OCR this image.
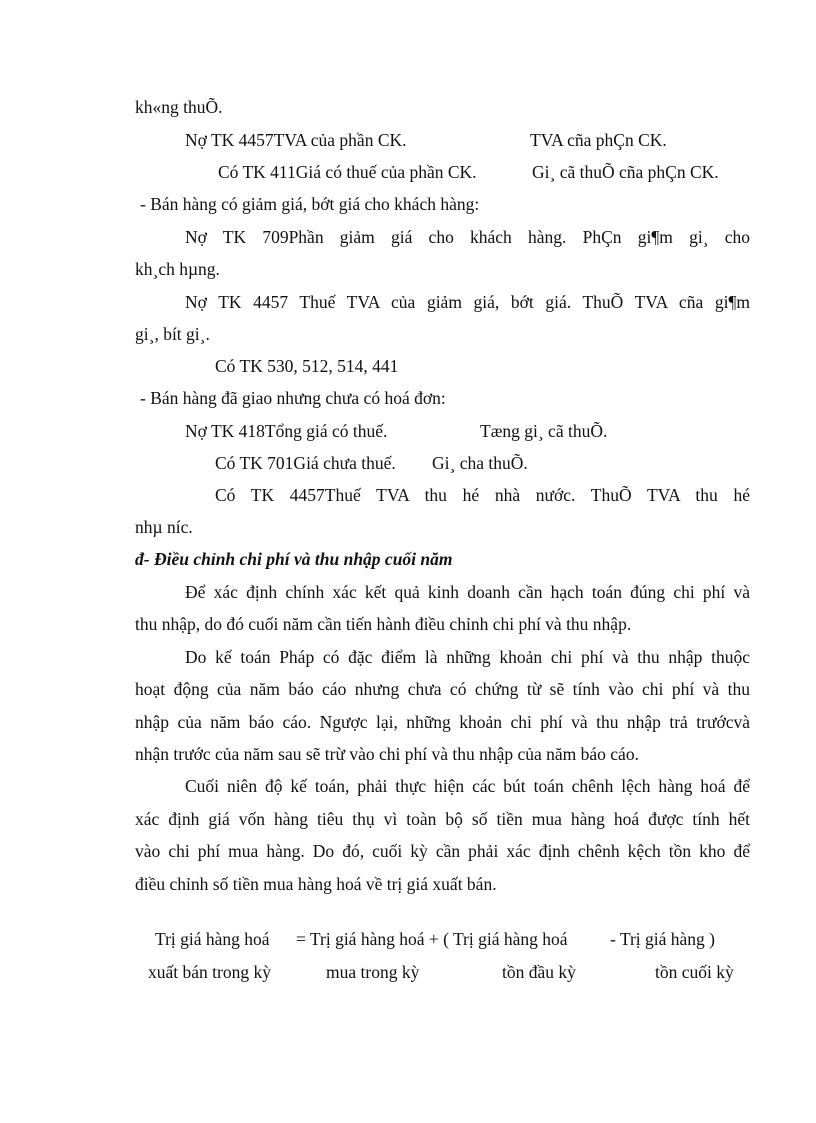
kh«ng thuÕ.
Nợ TK 4457TVA của phần CK.	TVA cña phÇn CK.
Có TK 411Giá có thuế của phần CK.	Gi¸ cã thuÕ cña phÇn CK.
- Bán hàng có giảm giá, bớt giá cho khách hàng:
Nợ TK 709Phần giảm giá cho khách hàng. PhÇn gi¶m gi¸ cho
kh¸ch hµng.
Nợ TK 4457 Thuế TVA của giảm giá, bớt giá. ThuÕ TVA cña gi¶m
gi¸, bít gi¸.
Có TK 530, 512, 514, 441
- Bán hàng đã giao nhưng chưa có hoá đơn:
Nợ TK 418Tổng giá có thuế.	Tæng gi¸ cã thuÕ.
Có TK 701Giá chưa thuế. Gi¸ cha thuÕ.
Có TK 4457Thuế TVA thu hé nhà nước. ThuÕ TVA thu hé
nhµ níc.
đ- Điều chỉnh chi phí và thu nhập cuối năm
Để xác định chính xác kết quả kinh doanh cần hạch toán đúng chi phí và
thu nhập, do đó cuối năm cần tiến hành điều chỉnh chi phí và thu nhập.
Do kế toán Pháp có đặc điểm là những khoản chi phí và thu nhập thuộc
hoạt động của năm báo cáo nhưng chưa có chứng từ sẽ tính vào chi phí và thu
nhập của năm báo cáo. Ngược lại, những khoản chi phí và thu nhập trả trướcvà
nhận trước của năm sau sẽ trừ vào chi phí và thu nhập của năm báo cáo.
Cuối niên độ kế toán, phải thực hiện các bút toán chênh lệch hàng hoá để
xác định giá vốn hàng tiêu thụ vì toàn bộ số tiền mua hàng hoá được tính hết
vào chi phí mua hàng. Do đó, cuối kỳ cần phải xác định chênh kệch tồn kho để
điều chỉnh số tiền mua hàng hoá về trị giá xuất bán.
Trị giá hàng hoá = Trị giá hàng hoá + ( Trị giá hàng hoá - Trị giá hàng )
xuất bán trong kỳ	mua trong kỳ	tồn đầu kỳ	tồn cuối kỳ
